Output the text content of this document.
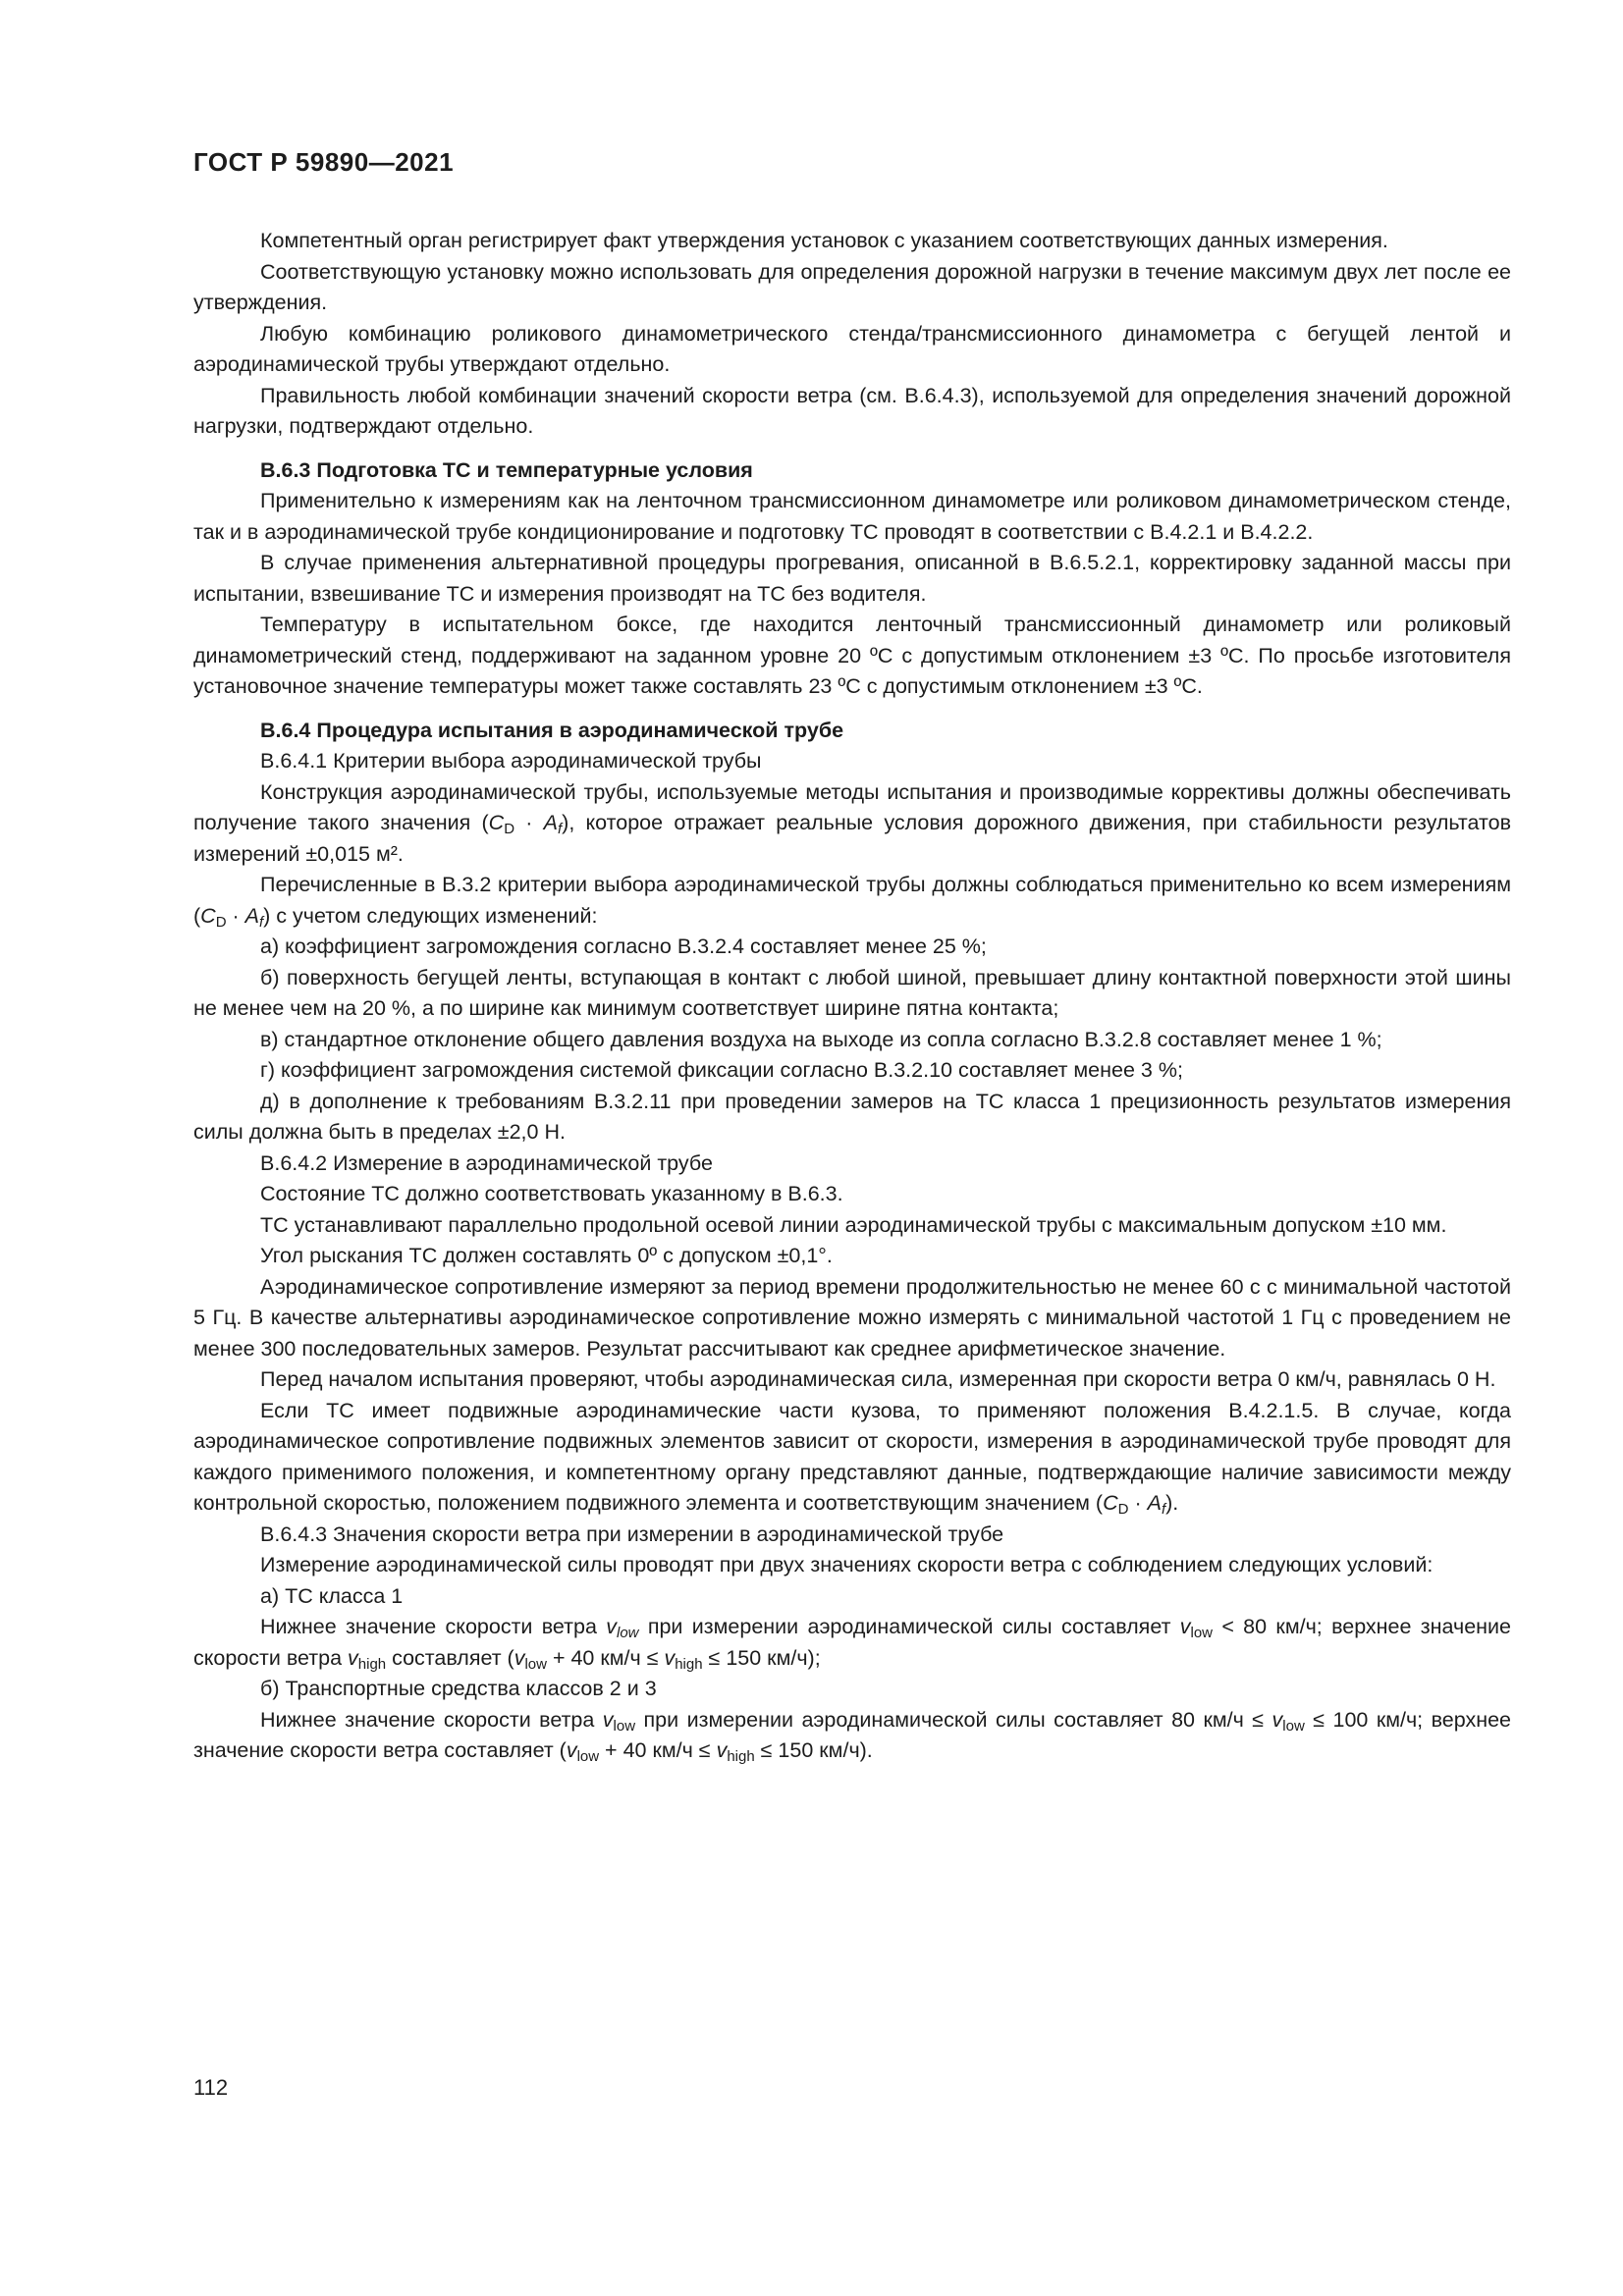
ГОСТ Р 59890—2021

Компетентный орган регистрирует факт утверждения установок с указанием соответствующих данных измерения.

Соответствующую установку можно использовать для определения дорожной нагрузки в течение максимум двух лет после ее утверждения.

Любую комбинацию роликового динамометрического стенда/трансмиссионного динамометра с бегущей лентой и аэродинамической трубы утверждают отдельно.

Правильность любой комбинации значений скорости ветра (см. В.6.4.3), используемой для определения значений дорожной нагрузки, подтверждают отдельно.

В.6.3 Подготовка ТС и температурные условия

Применительно к измерениям как на ленточном трансмиссионном динамометре или роликовом динамометрическом стенде, так и в аэродинамической трубе кондиционирование и подготовку ТС проводят в соответствии с В.4.2.1 и В.4.2.2.

В случае применения альтернативной процедуры прогревания, описанной в В.6.5.2.1, корректировку заданной массы при испытании, взвешивание ТС и измерения производят на ТС без водителя.

Температуру в испытательном боксе, где находится ленточный трансмиссионный динамометр или роликовый динамометрический стенд, поддерживают на заданном уровне 20 ºС с допустимым отклонением ±3 ºС. По просьбе изготовителя установочное значение температуры может также составлять 23 ºС с допустимым отклонением ±3 ºС.

В.6.4 Процедура испытания в аэродинамической трубе

В.6.4.1 Критерии выбора аэродинамической трубы

Конструкция аэродинамической трубы, используемые методы испытания и производимые коррективы должны обеспечивать получение такого значения $(C_D \cdot A_f)$, которое отражает реальные условия дорожного движения, при стабильности результатов измерений ±0,015 м².

Перечисленные в В.3.2 критерии выбора аэродинамической трубы должны соблюдаться применительно ко всем измерениям $(C_D \cdot A_f)$ с учетом следующих изменений:

а) коэффициент загромождения согласно В.3.2.4 составляет менее 25 %;

б) поверхность бегущей ленты, вступающая в контакт с любой шиной, превышает длину контактной поверхности этой шины не менее чем на 20 %, а по ширине как минимум соответствует ширине пятна контакта;

в) стандартное отклонение общего давления воздуха на выходе из сопла согласно В.3.2.8 составляет менее 1 %;

г) коэффициент загромождения системой фиксации согласно В.3.2.10 составляет менее 3 %;

д) в дополнение к требованиям В.3.2.11 при проведении замеров на ТС класса 1 прецизионность результатов измерения силы должна быть в пределах ±2,0 Н.

В.6.4.2 Измерение в аэродинамической трубе

Состояние ТС должно соответствовать указанному в В.6.3.

ТС устанавливают параллельно продольной осевой линии аэродинамической трубы с максимальным допуском ±10 мм.

Угол рыскания ТС должен составлять 0º с допуском ±0,1°.

Аэродинамическое сопротивление измеряют за период времени продолжительностью не менее 60 с с минимальной частотой 5 Гц. В качестве альтернативы аэродинамическое сопротивление можно измерять с минимальной частотой 1 Гц с проведением не менее 300 последовательных замеров. Результат рассчитывают как среднее арифметическое значение.

Перед началом испытания проверяют, чтобы аэродинамическая сила, измеренная при скорости ветра 0 км/ч, равнялась 0 Н.

Если ТС имеет подвижные аэродинамические части кузова, то применяют положения В.4.2.1.5. В случае, когда аэродинамическое сопротивление подвижных элементов зависит от скорости, измерения в аэродинамической трубе проводят для каждого применимого положения, и компетентному органу представляют данные, подтверждающие наличие зависимости между контрольной скоростью, положением подвижного элемента и соответствующим значением $(C_D \cdot A_f)$.

В.6.4.3 Значения скорости ветра при измерении в аэродинамической трубе

Измерение аэродинамической силы проводят при двух значениях скорости ветра с соблюдением следующих условий:

а) ТС класса 1

Нижнее значение скорости ветра $v_{low}$ при измерении аэродинамической силы составляет $v_{low} < 80$ км/ч; верхнее значение скорости ветра $v_{high}$ составляет ($v_{low} + 40$ $км/ч \le v_{high} \le 150$ км/ч);

б) Транспортные средства классов 2 и 3

Нижнее значение скорости ветра $v_{low}$ при измерении аэродинамической силы составляет 80 $км/ч \le v_{low} \le 100$ км/ч; верхнее значение скорости ветра составляет ($v_{low} + 40$ $км/ч \le v_{high} \le 150$ км/ч).

112
